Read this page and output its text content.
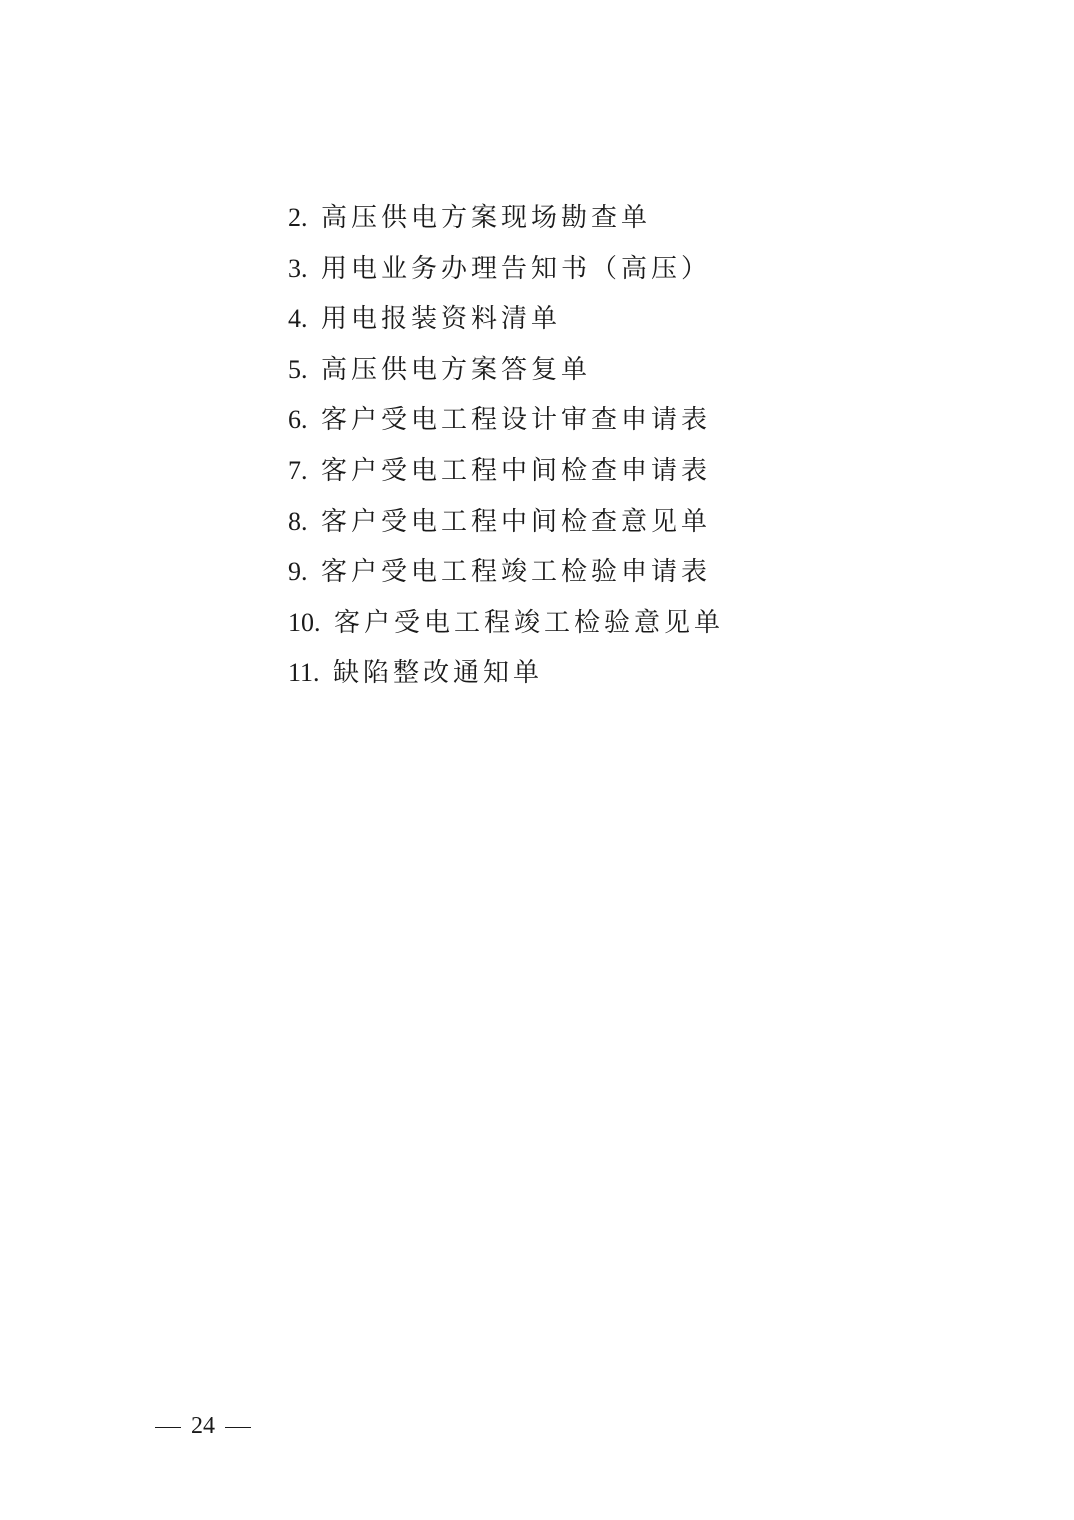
2. 高压供电方案现场勘查单
3. 用电业务办理告知书（高压）
4. 用电报装资料清单
5. 高压供电方案答复单
6. 客户受电工程设计审查申请表
7. 客户受电工程中间检查申请表
8. 客户受电工程中间检查意见单
9. 客户受电工程竣工检验申请表
10. 客户受电工程竣工检验意见单
11. 缺陷整改通知单
24
